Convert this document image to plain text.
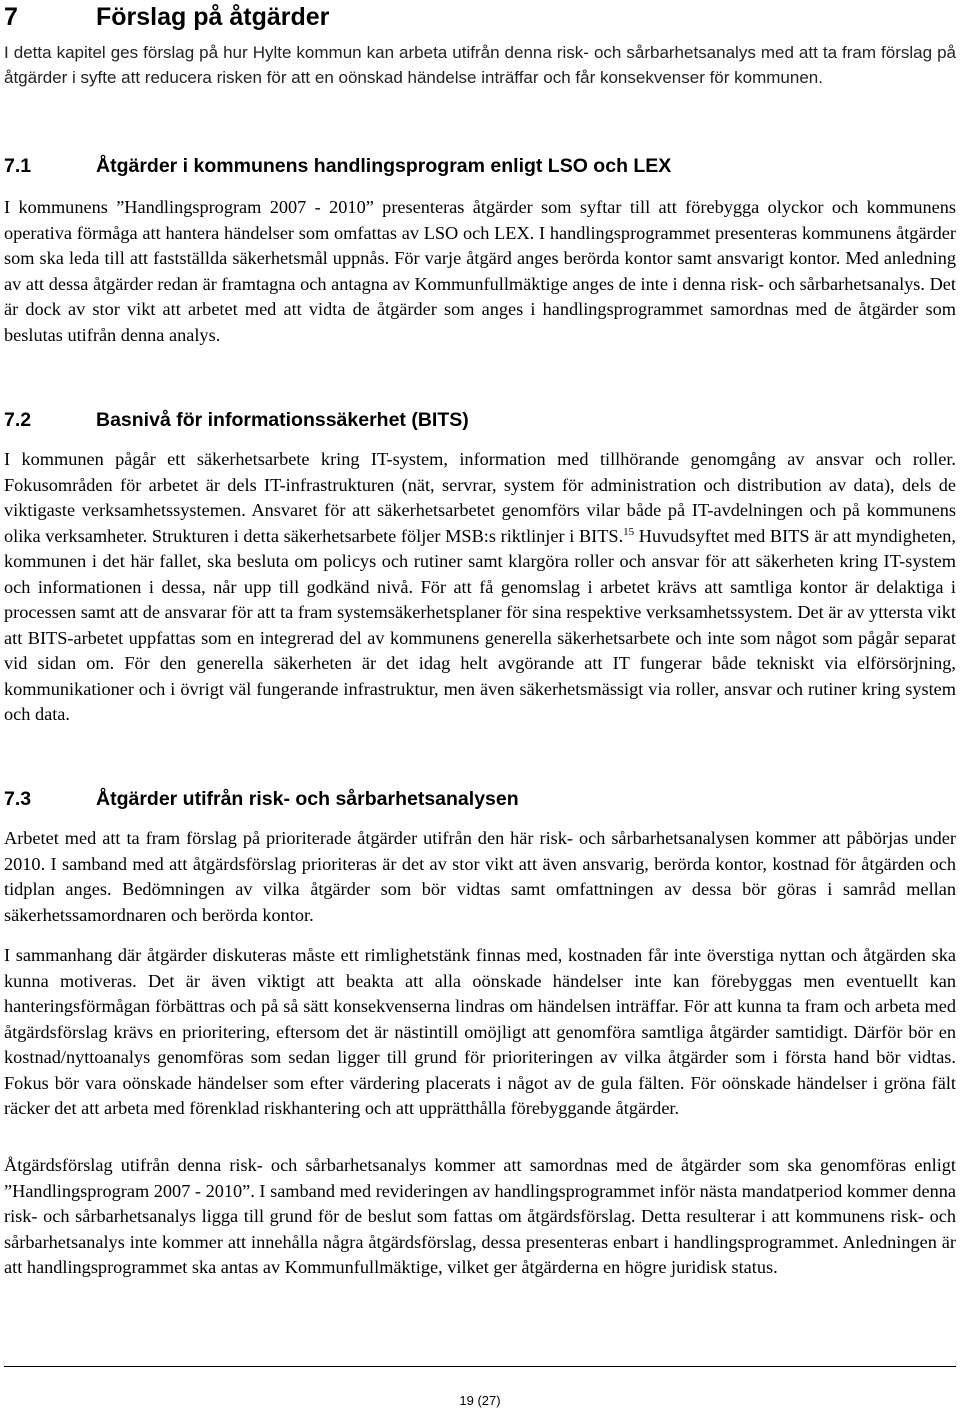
7	Förslag på åtgärder

I detta kapitel ges förslag på hur Hylte kommun kan arbeta utifrån denna risk- och sårbarhetsanalys med att ta fram förslag på åtgärder i syfte att reducera risken för att en oönskad händelse inträffar och får konsekvenser för kommunen.

7.1	Åtgärder i kommunens handlingsprogram enligt LSO och LEX

I kommunens ”Handlingsprogram 2007 - 2010” presenteras åtgärder som syftar till att förebygga olyckor och kommunens operativa förmåga att hantera händelser som omfattas av LSO och LEX. I handlingsprogrammet presenteras kommunens åtgärder som ska leda till att fastställda säkerhetsmål uppnås. För varje åtgärd anges berörda kontor samt ansvarigt kontor. Med anledning av att dessa åtgärder redan är framtagna och antagna av Kommunfullmäktige anges de inte i denna risk- och sårbarhetsanalys. Det är dock av stor vikt att arbetet med att vidta de åtgärder som anges i handlingsprogrammet samordnas med de åtgärder som beslutas utifrån denna analys.

7.2	Basnivå för informationssäkerhet (BITS)

I kommunen pågår ett säkerhetsarbete kring IT-system, information med tillhörande genomgång av ansvar och roller. Fokusområden för arbetet är dels IT-infrastrukturen (nät, servrar, system för administration och distribution av data), dels de viktigaste verksamhetssystemen. Ansvaret för att säkerhetsarbetet genomförs vilar både på IT-avdelningen och på kommunens olika verksamheter. Strukturen i detta säkerhetsarbete följer MSB:s riktlinjer i BITS.$^{15}$ Huvudsyftet med BITS är att myndigheten, kommunen i det här fallet, ska besluta om policys och rutiner samt klargöra roller och ansvar för att säkerheten kring IT-system och informationen i dessa, når upp till godkänd nivå. För att få genomslag i arbetet krävs att samtliga kontor är delaktiga i processen samt att de ansvarar för att ta fram systemsäkerhetsplaner för sina respektive verksamhetssystem. Det är av yttersta vikt att BITS-arbetet uppfattas som en integrerad del av kommunens generella säkerhetsarbete och inte som något som pågår separat vid sidan om. För den generella säkerheten är det idag helt avgörande att IT fungerar både tekniskt via elförsörjning, kommunikationer och i övrigt väl fungerande infrastruktur, men även säkerhetsmässigt via roller, ansvar och rutiner kring system och data.

7.3	Åtgärder utifrån risk- och sårbarhetsanalysen

Arbetet med att ta fram förslag på prioriterade åtgärder utifrån den här risk- och sårbarhetsanalysen kommer att påbörjas under 2010. I samband med att åtgärdsförslag prioriteras är det av stor vikt att även ansvarig, berörda kontor, kostnad för åtgärden och tidplan anges. Bedömningen av vilka åtgärder som bör vidtas samt omfattningen av dessa bör göras i samråd mellan säkerhetssamordnaren och berörda kontor.

I sammanhang där åtgärder diskuteras måste ett rimlighetstänk finnas med, kostnaden får inte överstiga nyttan och åtgärden ska kunna motiveras. Det är även viktigt att beakta att alla oönskade händelser inte kan förebyggas men eventuellt kan hanteringsförmågan förbättras och på så sätt konsekvenserna lindras om händelsen inträffar. För att kunna ta fram och arbeta med åtgärdsförslag krävs en prioritering, eftersom det är nästintill omöjligt att genomföra samtliga åtgärder samtidigt. Därför bör en kostnad/nyttoanalys genomföras som sedan ligger till grund för prioriteringen av vilka åtgärder som i första hand bör vidtas. Fokus bör vara oönskade händelser som efter värdering placerats i något av de gula fälten. För oönskade händelser i gröna fält räcker det att arbeta med förenklad riskhantering och att upprätthålla förebyggande åtgärder.

Åtgärdsförslag utifrån denna risk- och sårbarhetsanalys kommer att samordnas med de åtgärder som ska genomföras enligt ”Handlingsprogram 2007 - 2010”. I samband med revideringen av handlingsprogrammet inför nästa mandatperiod kommer denna risk- och sårbarhetsanalys ligga till grund för de beslut som fattas om åtgärdsförslag. Detta resulterar i att kommunens risk- och sårbarhetsanalys inte kommer att innehålla några åtgärdsförslag, dessa presenteras enbart i handlingsprogrammet. Anledningen är att handlingsprogrammet ska antas av Kommunfullmäktige, vilket ger åtgärderna en högre juridisk status.

19 (27)
